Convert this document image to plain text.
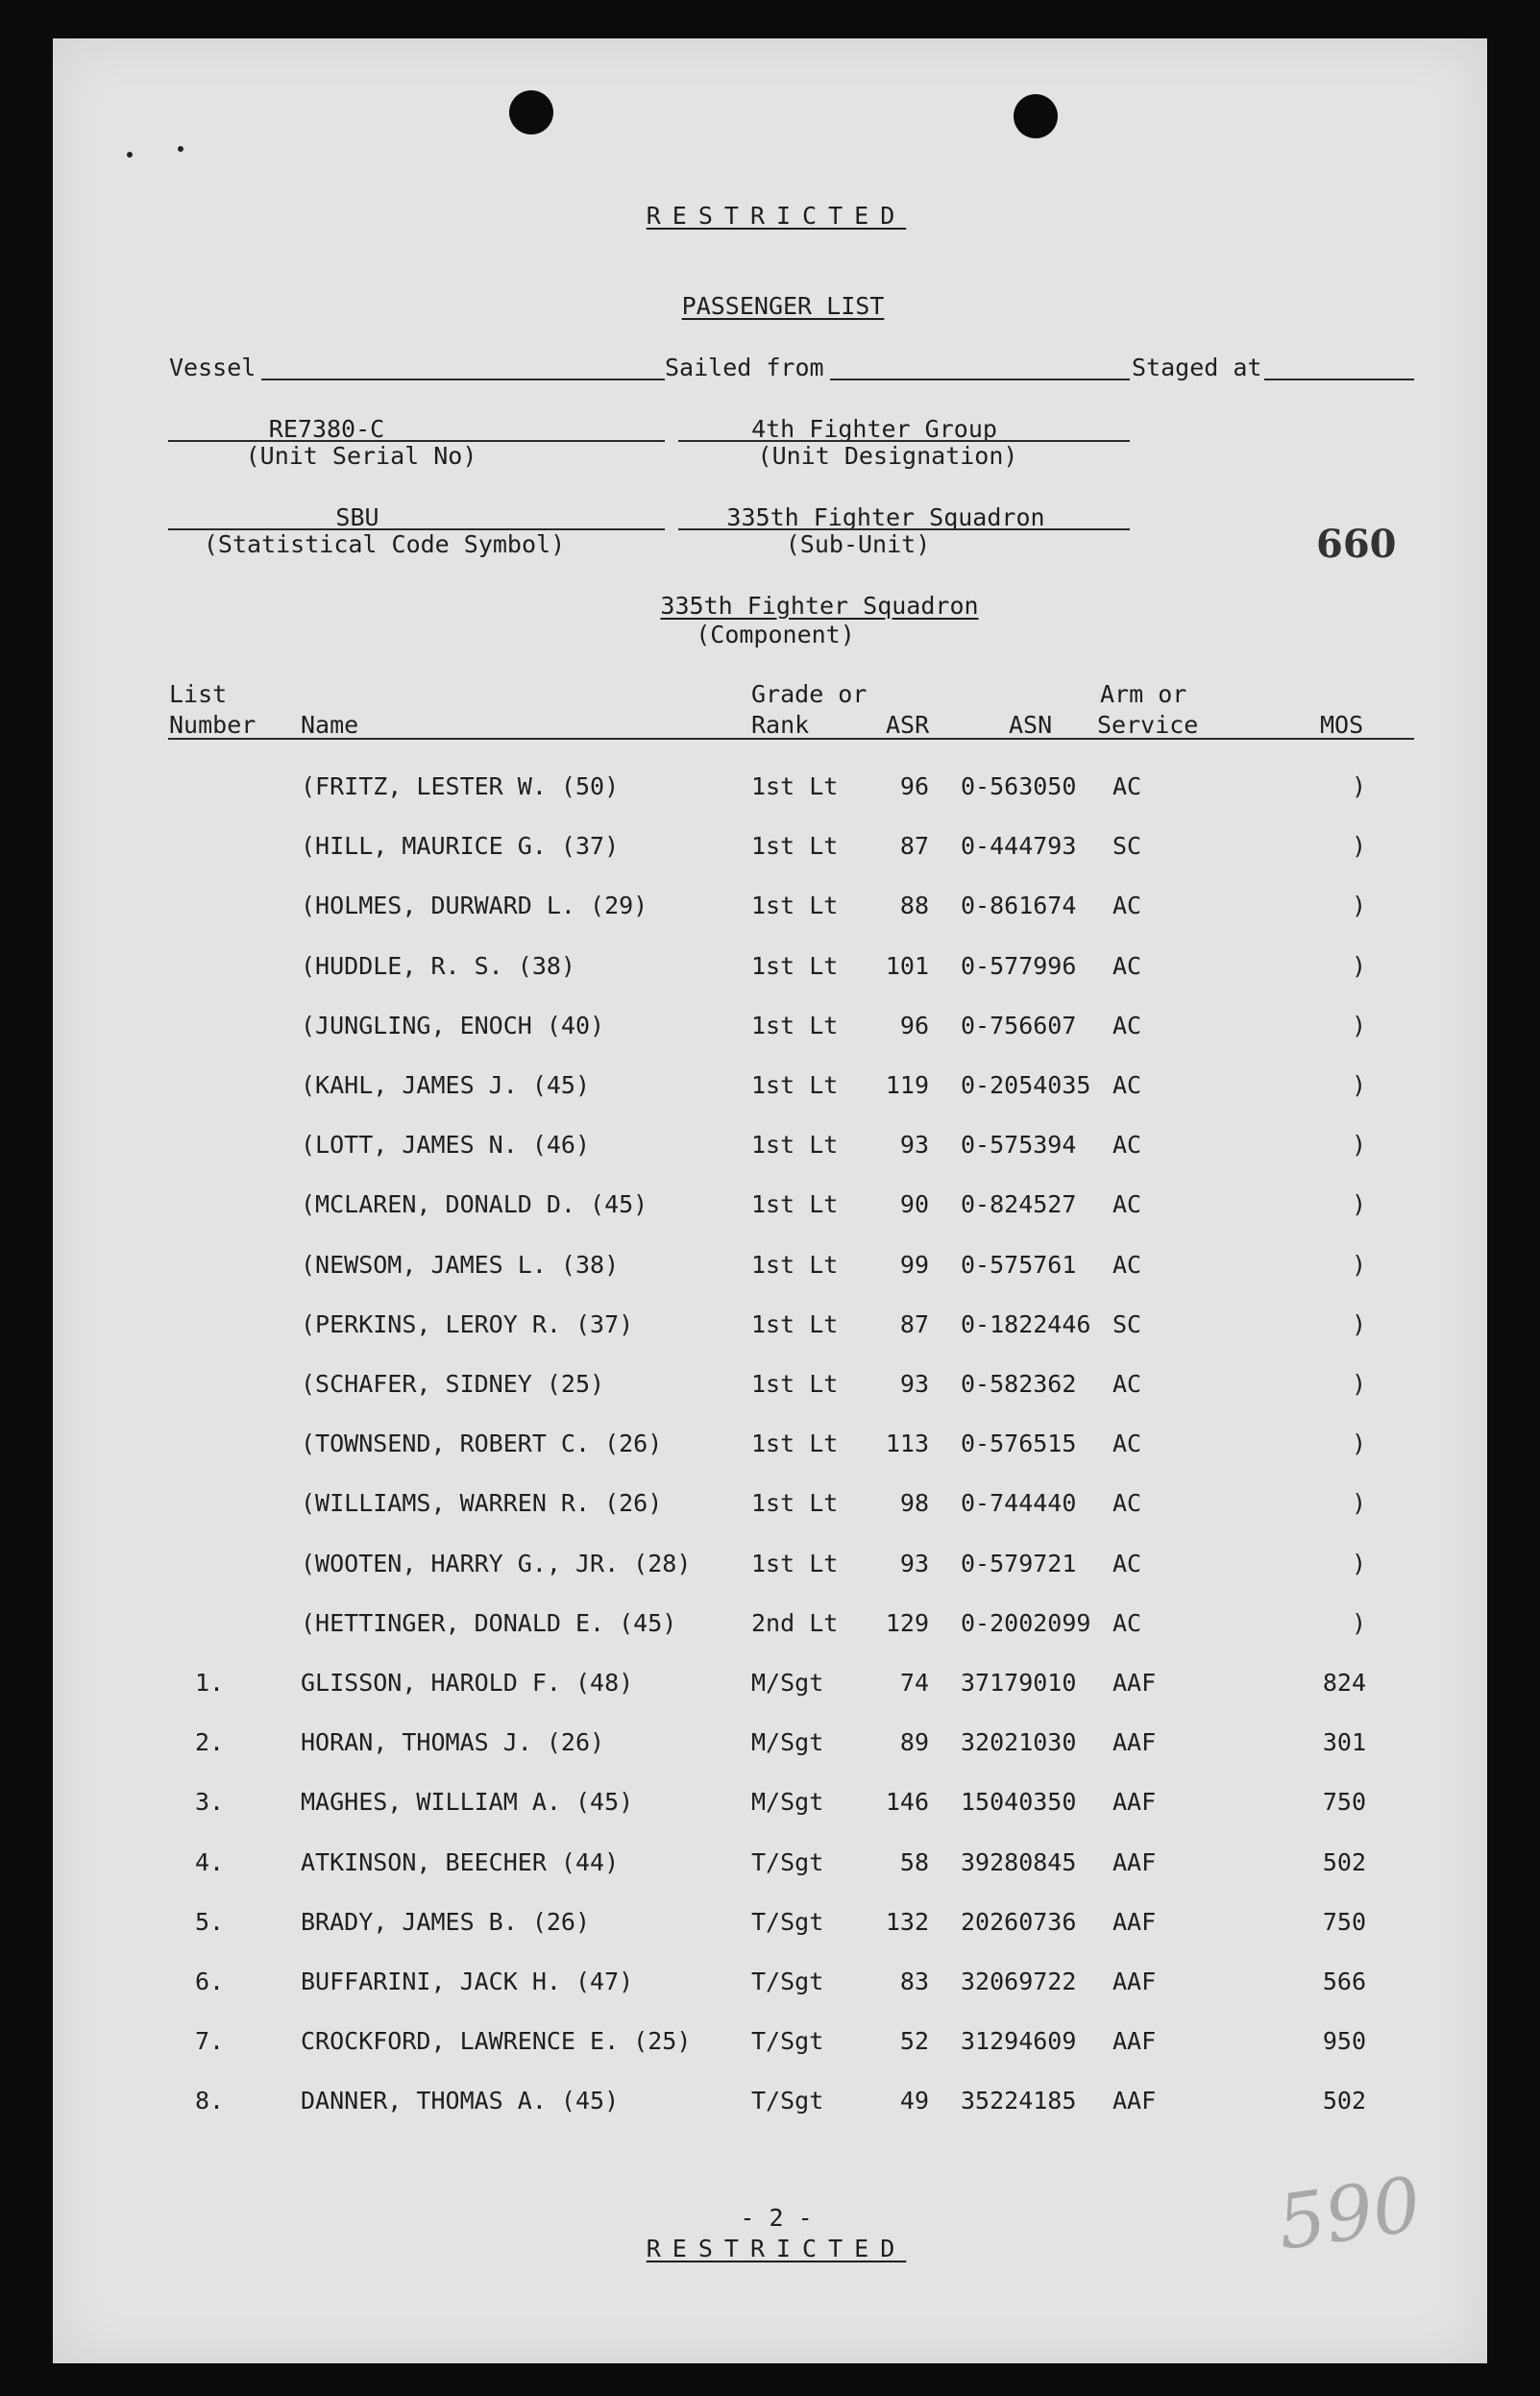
RESTRICTED
PASSENGER LIST
Vessel	Sailed from	Staged at
RE7380-C
(Unit Serial No)
4th Fighter Group
(Unit Designation)
SBU
(Statistical Code Symbol)
335th Fighter Squadron
(Sub-Unit)	660
335th Fighter Squadron
(Component)
List
Number Name
Grade or
Rank	ASR	ASN
Arm or
Service	MOS
(FRITZ, LESTER W. (50)	1st Lt	96 0-563050	AC	)
(HILL, MAURICE G. (37)	1st Lt	87 0-444793	SC	)
(HOLMES, DURWARD L. (29)	1st Lt	88 0-861674	AC	)
(HUDDLE, R. S. (38)	1st Lt	101 0-577996	AC	)
(JUNGLING, ENOCH (40)	1st Lt	96 0-756607	AC	)
(KAHL, JAMES J. (45)	1st Lt	119 0-2054035 AC	)
(LOTT, JAMES N. (46)	1st Lt	93 0-575394	AC	)
(MCLAREN, DONALD D. (45)	1st Lt	90 0-824527	AC	)
(NEWSOM, JAMES L. (38)	1st Lt	99 0-575761	AC	)
(PERKINS, LEROY R. (37)	1st Lt	87 0-1822446 SC	)
(SCHAFER, SIDNEY (25)	1st Lt	93 0-582362	AC	)
(TOWNSEND, ROBERT C. (26)	1st Lt	113 0-576515	AC	)
(WILLIAMS, WARREN R. (26)	1st Lt	98 0-744440	AC	)
(WOOTEN, HARRY G., JR. (28)	1st Lt	93 0-579721	AC	)
(HETTINGER, DONALD E. (45)	2nd Lt	129 0-2002099 AC	)
1.	GLISSON, HAROLD F. (48)	M/Sgt	74 37179010	AAF	824
2.	HORAN, THOMAS J. (26)	M/Sgt	89 32021030	AAF	301
3.	MAGHES, WILLIAM A. (45)	M/Sgt	146 15040350	AAF	750
4.	ATKINSON, BEECHER (44)	T/Sgt	58 39280845	AAF	502
5.	BRADY, JAMES B. (26)	T/Sgt	132 20260736	AAF	750
6.	BUFFARINI, JACK H. (47)	T/Sgt	83 32069722	AAF	566
7.	CROCKFORD, LAWRENCE E. (25)	T/Sgt	52 31294609	AAF	950
8.	DANNER, THOMAS A. (45)	T/Sgt	49 35224185	AAF	502
- 2 -
RESTRICTED	590
